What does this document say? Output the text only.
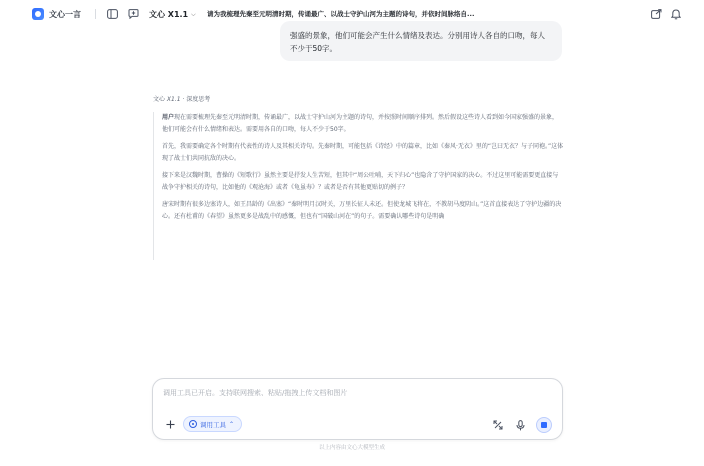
文心一言	文心 X1.1 ⌵ 请为我梳理先秦至元明清时期，传诵最广、以战士守护山河为主题的诗句，并依时间脉络自...

强盛的景象，他们可能会产生什么情绪及表达。分别用诗人各自的口吻，每人不少于50字。

文心 X1.1 · 深度思考

用户现在需要梳理先秦至元明清时期，传诵最广，以战士守护山河为主题的诗句，并按照时间顺序排列。然后假设这些诗人看到如今国家强盛的景象，他们可能会有什么情绪和表达。需要用各自的口吻，每人不少于50字。

首先，我需要确定各个时期有代表性的诗人及其相关诗句。先秦时期，可能包括《诗经》中的篇章，比如《秦风·无衣》里的“岂曰无衣？与子同袍。”这体现了战士们共同抗敌的决心。

接下来是汉魏时期，曹操的《短歌行》虽然主要是抒发人生苦短，但其中“周公吐哺，天下归心”也隐含了守护国家的决心。不过这里可能需要更直接与战争守护相关的诗句，比如他的《观沧海》或者《龟虽寿》？或者是否有其他更贴切的例子？

唐宋时期有很多边塞诗人，如王昌龄的《出塞》“秦时明月汉时关，万里长征人未还。但使龙城飞将在，不教胡马度阴山。”这首直接表达了守护边疆的决心。还有杜甫的《春望》虽然更多是战乱中的感慨，但也有“国破山河在”的句子。需要确认哪些诗句是明确

调用工具已开启。支持联网搜索、粘贴/拖拽上传文档和图片
调用工具 ⌃
以上内容由文心大模型生成
